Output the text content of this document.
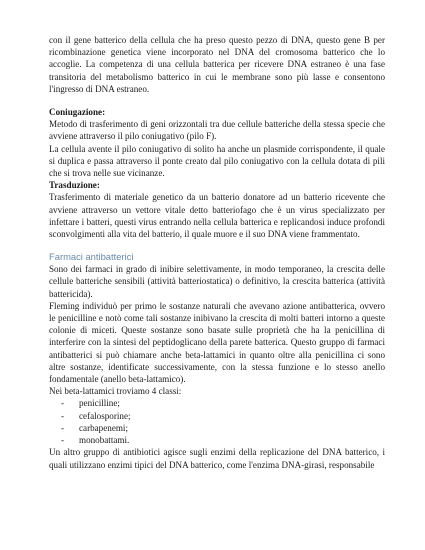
con il gene batterico della cellula che ha preso questo pezzo di DNA, questo gene B per ricombinazione genetica viene incorporato nel DNA del cromosoma batterico che lo accoglie. La competenza di una cellula batterica per ricevere DNA estraneo è una fase transitoria del metabolismo batterico in cui le membrane sono più lasse e consentono l'ingresso di DNA estraneo.

Coniugazione:

Metodo di trasferimento di geni orizzontali tra due cellule batteriche della stessa specie che avviene attraverso il pilo coniugativo (pilo F).

La cellula avente il pilo coniugativo di solito ha anche un plasmide corrispondente, il quale si duplica e passa attraverso il ponte creato dal pilo coniugativo con la cellula dotata di pili che si trova nelle sue vicinanze.

Trasduzione:

Trasferimento di materiale genetico da un batterio donatore ad un batterio ricevente che avviene attraverso un vettore vitale detto batteriofago che è un virus specializzato per infettare i batteri, questi virus entrando nella cellula batterica e replicandosi induce profondi sconvolgimenti alla vita del batterio, il quale muore e il suo DNA viene frammentato.

Farmaci antibatterici

Sono dei farmaci in grado di inibire selettivamente, in modo temporaneo, la crescita delle cellule batteriche sensibili (attività batteriostatica) o definitivo, la crescita batterica (attività battericida).

Fleming individuò per primo le sostanze naturali che avevano azione antibatterica, ovvero le penicilline e notò come tali sostanze inibivano la crescita di molti batteri intorno a queste colonie di miceti. Queste sostanze sono basate sulle proprietà che ha la penicillina di interferire con la sintesi del peptidoglicano della parete batterica. Questo gruppo di farmaci antibatterici si può chiamare anche beta-lattamici in quanto oltre alla penicillina ci sono altre sostanze, identificate successivamente, con la stessa funzione e lo stesso anello fondamentale (anello beta-lattamico).

Nei beta-lattamici troviamo 4 classi:

- penicilline;
- cefalosporine;
- carbapenemi;
- monobattami.

Un altro gruppo di antibiotici agisce sugli enzimi della replicazione del DNA batterico, i quali utilizzano enzimi tipici del DNA batterico, come l'enzima DNA-girasi, responsabile
